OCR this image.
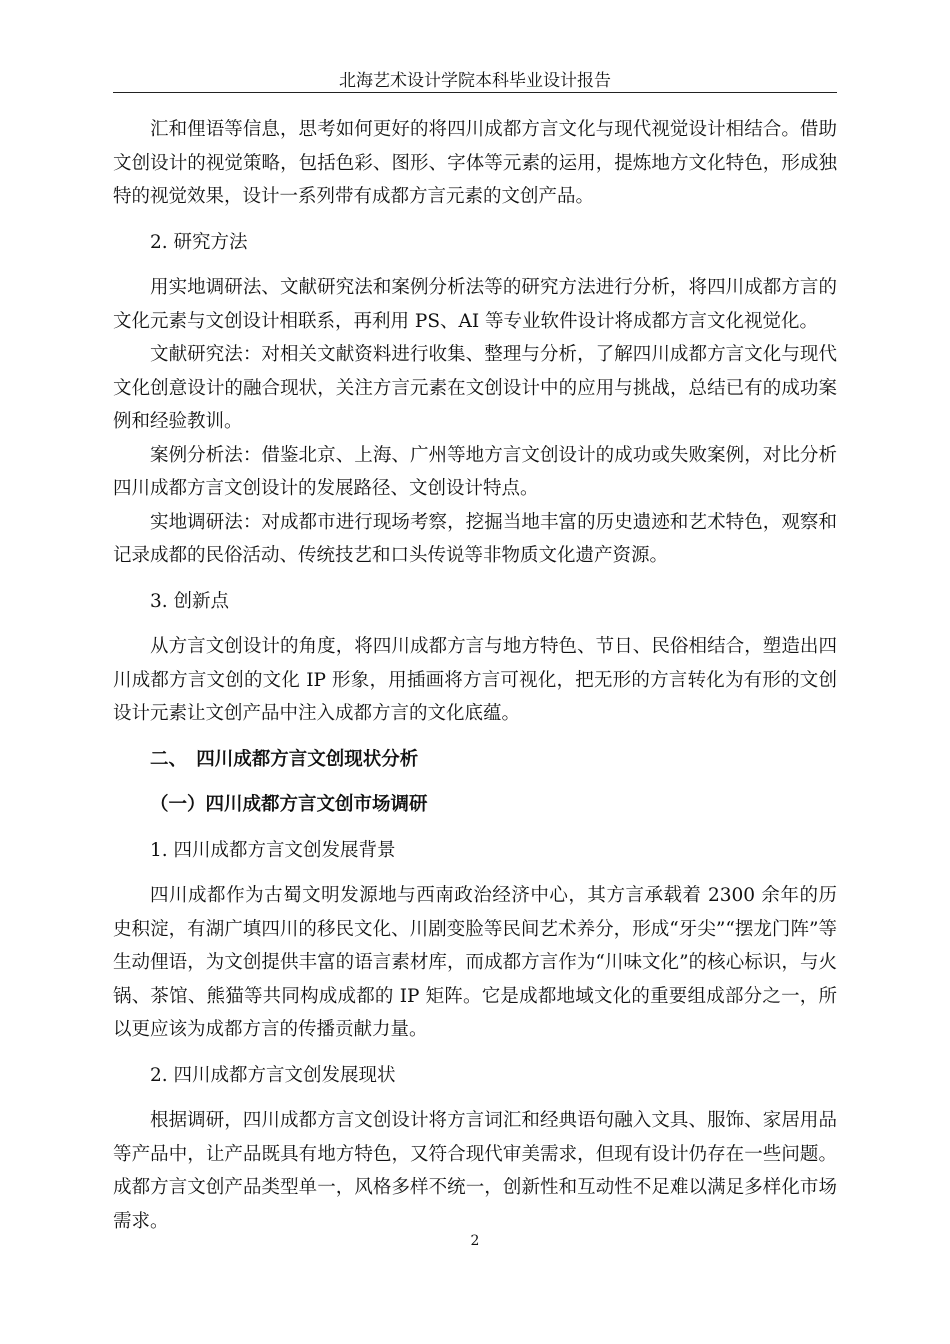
北海艺术设计学院本科毕业设计报告

汇和俚语等信息，思考如何更好的将四川成都方言文化与现代视觉设计相结合。借助文创设计的视觉策略，包括色彩、图形、字体等元素的运用，提炼地方文化特色，形成独特的视觉效果，设计一系列带有成都方言元素的文创产品。

2. 研究方法

用实地调研法、文献研究法和案例分析法等的研究方法进行分析，将四川成都方言的文化元素与文创设计相联系，再利用 PS、AI 等专业软件设计将成都方言文化视觉化。

文献研究法：对相关文献资料进行收集、整理与分析，了解四川成都方言文化与现代文化创意设计的融合现状，关注方言元素在文创设计中的应用与挑战，总结已有的成功案例和经验教训。

案例分析法：借鉴北京、上海、广州等地方言文创设计的成功或失败案例，对比分析四川成都方言文创设计的发展路径、文创设计特点。

实地调研法：对成都市进行现场考察，挖掘当地丰富的历史遗迹和艺术特色，观察和记录成都的民俗活动、传统技艺和口头传说等非物质文化遗产资源。

3. 创新点

从方言文创设计的角度，将四川成都方言与地方特色、节日、民俗相结合，塑造出四川成都方言文创的文化 IP 形象，用插画将方言可视化，把无形的方言转化为有形的文创设计元素让文创产品中注入成都方言的文化底蕴。

二、　四川成都方言文创现状分析
（一）四川成都方言文创市场调研

1. 四川成都方言文创发展背景

四川成都作为古蜀文明发源地与西南政治经济中心，其方言承载着 2300 余年的历史积淀，有湖广填四川的移民文化、川剧变脸等民间艺术养分，形成“牙尖”“摆龙门阵”等生动俚语，为文创提供丰富的语言素材库，而成都方言作为“川味文化”的核心标识，与火锅、茶馆、熊猫等共同构成成都的 IP 矩阵。它是成都地域文化的重要组成部分之一，所以更应该为成都方言的传播贡献力量。

2. 四川成都方言文创发展现状

根据调研，四川成都方言文创设计将方言词汇和经典语句融入文具、服饰、家居用品等产品中，让产品既具有地方特色，又符合现代审美需求，但现有设计仍存在一些问题。成都方言文创产品类型单一，风格多样不统一，创新性和互动性不足难以满足多样化市场需求。

2
